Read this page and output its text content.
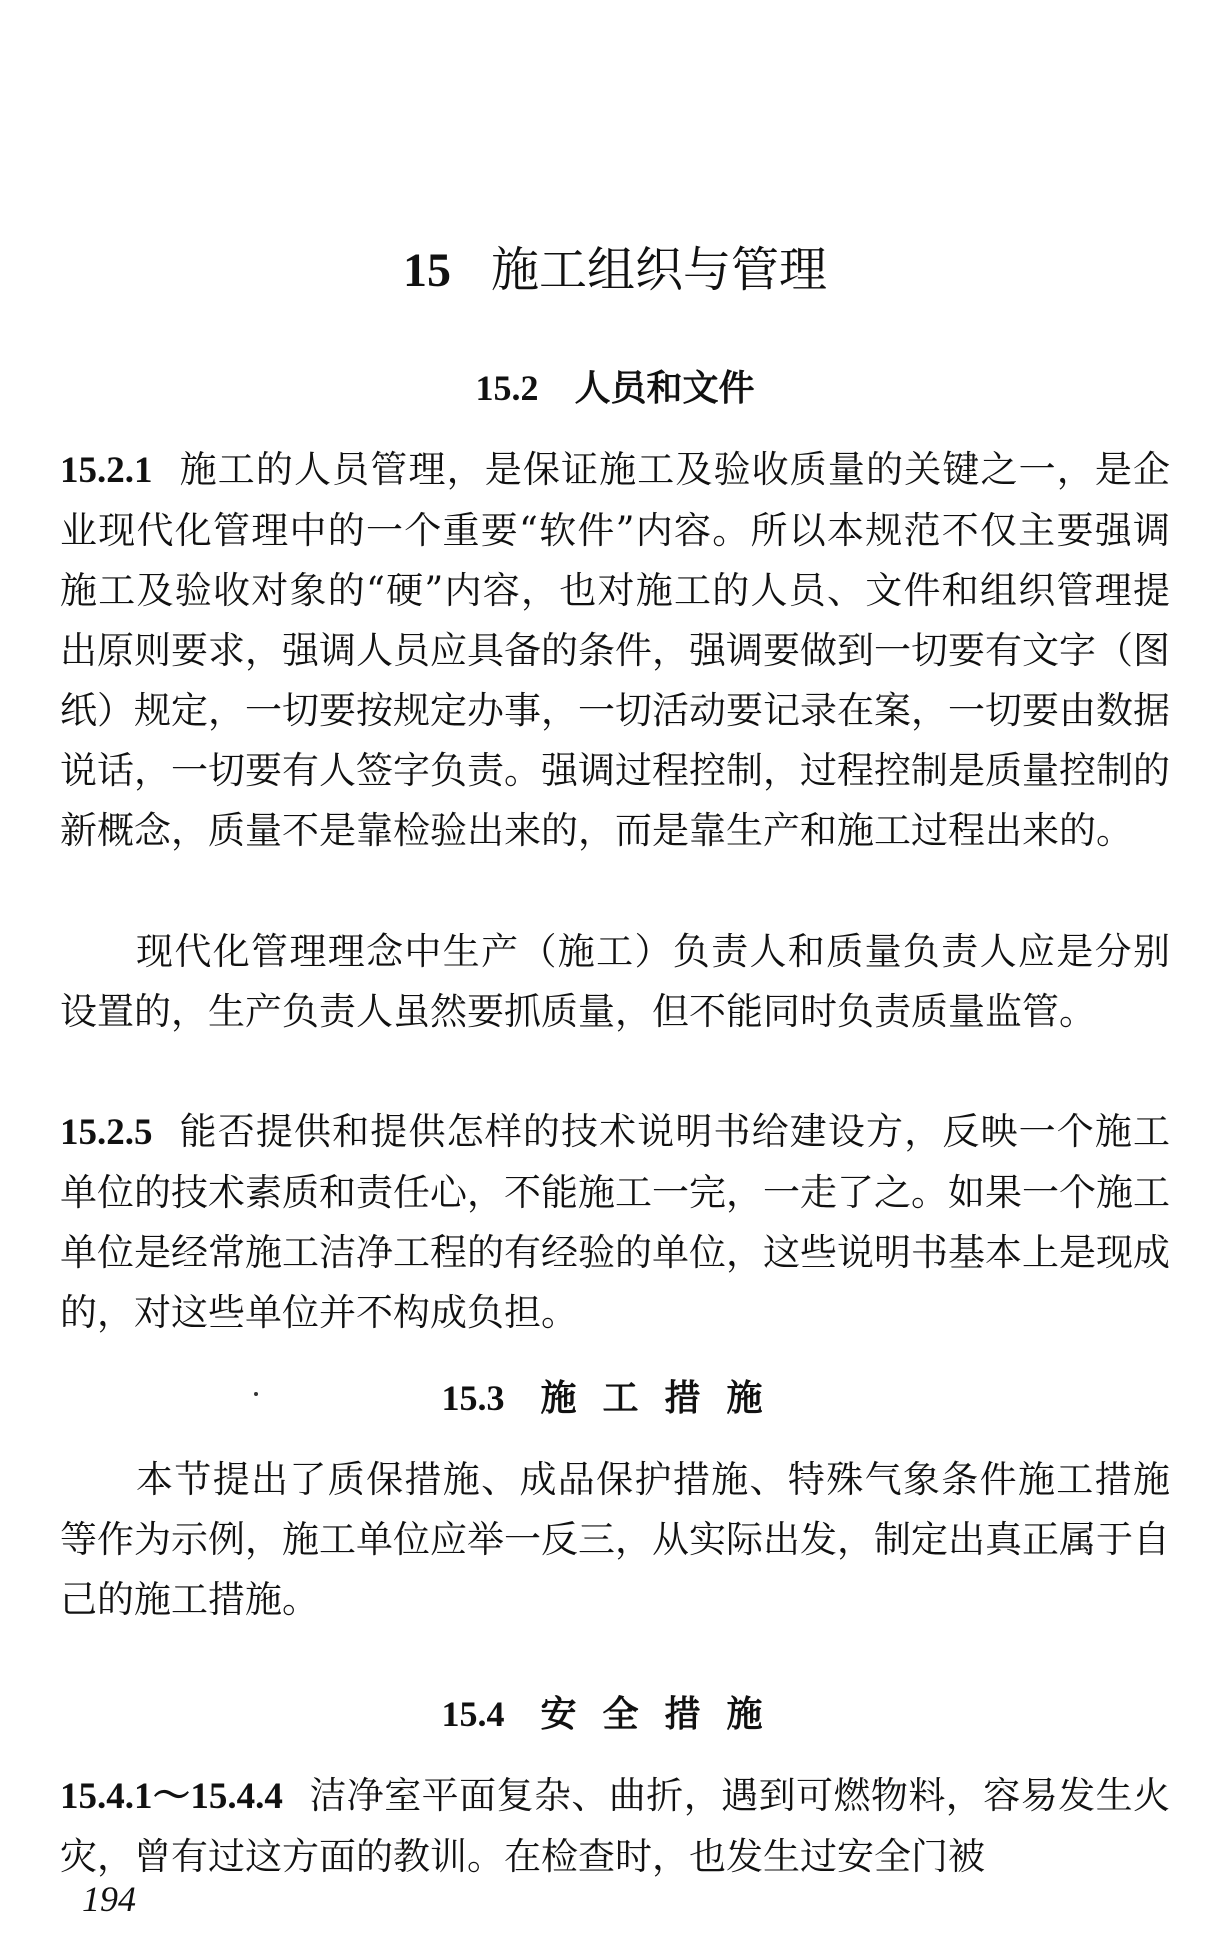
15 施工组织与管理
15.2 人员和文件

15.2.1 施工的人员管理，是保证施工及验收质量的关键之一，是企业现代化管理中的一个重要“软件”内容。所以本规范不仅主要强调施工及验收对象的“硬”内容，也对施工的人员、文件和组织管理提出原则要求，强调人员应具备的条件，强调要做到一切要有文字（图纸）规定，一切要按规定办事，一切活动要记录在案，一切要由数据说话，一切要有人签字负责。强调过程控制，过程控制是质量控制的新概念，质量不是靠检验出来的，而是靠生产和施工过程出来的。

现代化管理理念中生产（施工）负责人和质量负责人应是分别设置的，生产负责人虽然要抓质量，但不能同时负责质量监管。

15.2.5 能否提供和提供怎样的技术说明书给建设方，反映一个施工单位的技术素质和责任心，不能施工一完，一走了之。如果一个施工单位是经常施工洁净工程的有经验的单位，这些说明书基本上是现成的，对这些单位并不构成负担。

15.3 施工措施

本节提出了质保措施、成品保护措施、特殊气象条件施工措施等作为示例，施工单位应举一反三，从实际出发，制定出真正属于自己的施工措施。

15.4 安全措施

15.4.1～15.4.4 洁净室平面复杂、曲折，遇到可燃物料，容易发生火灾，曾有过这方面的教训。在检查时，也发生过安全门被

194
